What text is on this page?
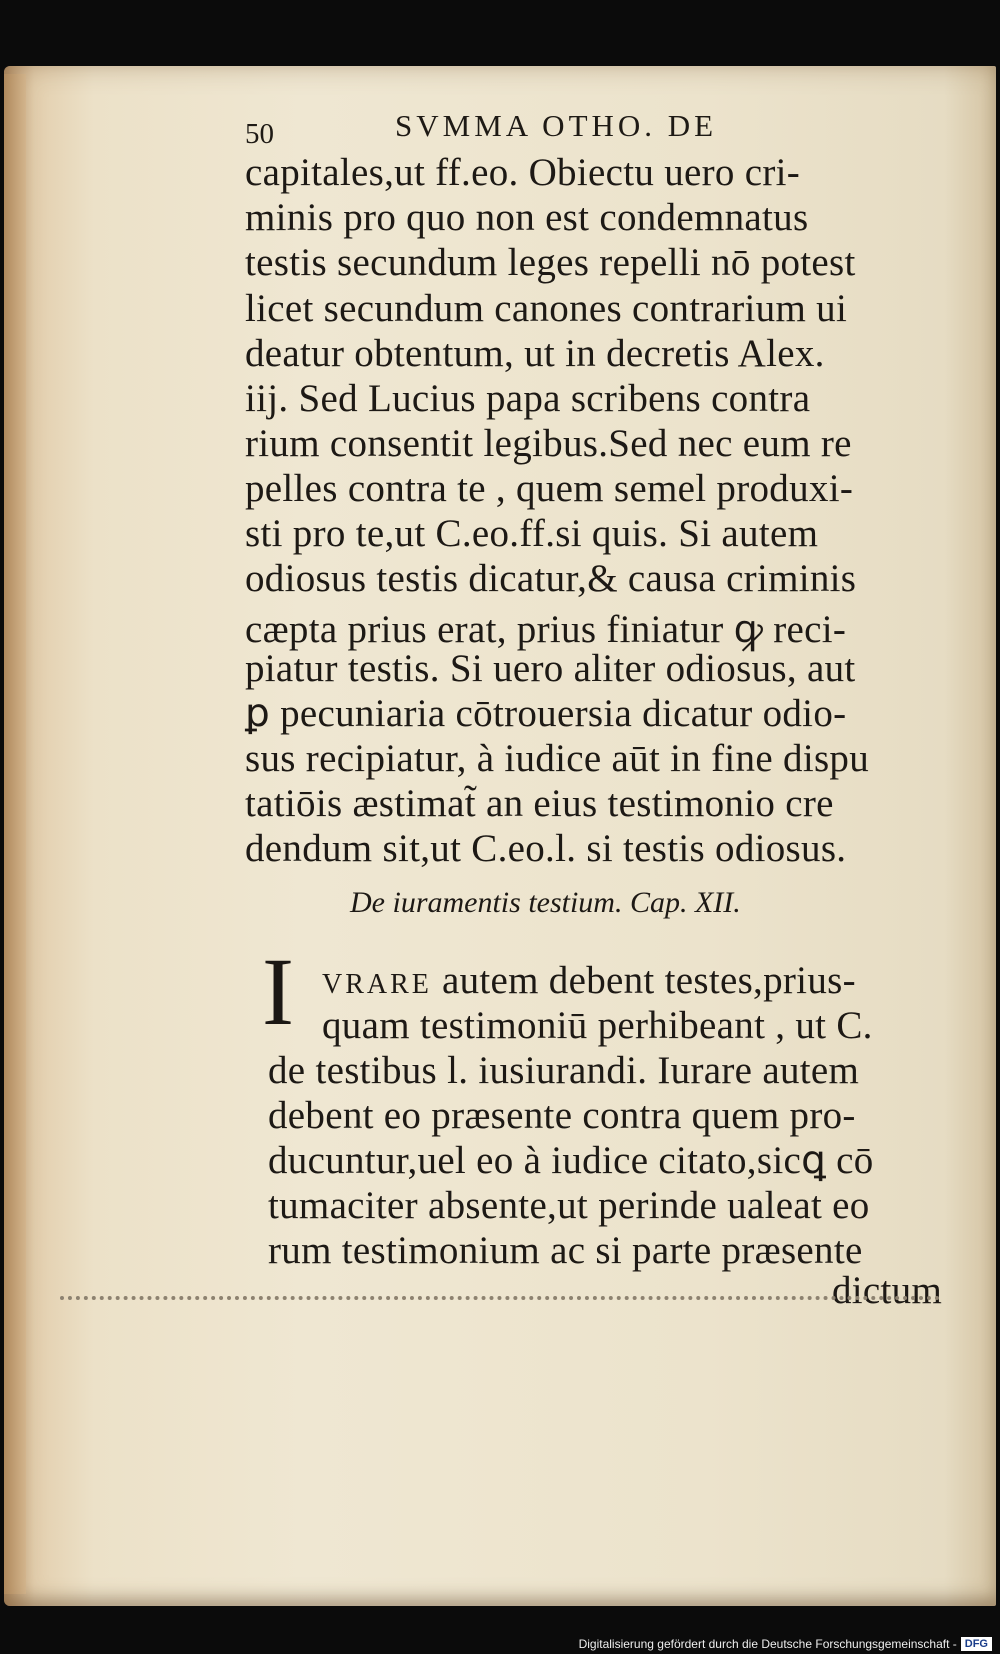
50	SVMMA OTHO. DE
capitales,ut ff.eo. Obiectu uero cri-
minis pro quo non est condemnatus
testis secundum leges repelli nō potest
licet secundum canones contrarium ui
deatur obtentum, ut in decretis Alex.
iij. Sed Lucius papa scribens contra
rium consentit legibus.Sed nec eum re
pelles contra te , quem semel produxi-
sti pro te,ut C.eo.ff.si quis. Si autem
odiosus testis dicatur,& causa criminis
cæpta prius erat, prius finiatur ꝙ reci-
piatur testis. Si uero aliter odiosus, aut
ꝑ pecuniaria cōtrouersia dicatur odio-
sus recipiatur, à iudice aūt in fine dispu
tatiōis æstimat̃ an eius testimonio cre
dendum sit,ut C.eo.l. si testis odiosus.
De iuramentis testium. Cap. XII.
I VRARE autem debent testes,prius-
quam testimoniū perhibeant , ut C.
de testibus l. iusiurandi. Iurare autem
debent eo præsente contra quem pro-
ducuntur,uel eo à iudice citato,sicꝗ cō
tumaciter absente,ut perinde ualeat eo
rum testimonium ac si parte præsente
dictum
Digitalisierung gefördert durch die Deutsche Forschungsgemeinschaft - DFG
